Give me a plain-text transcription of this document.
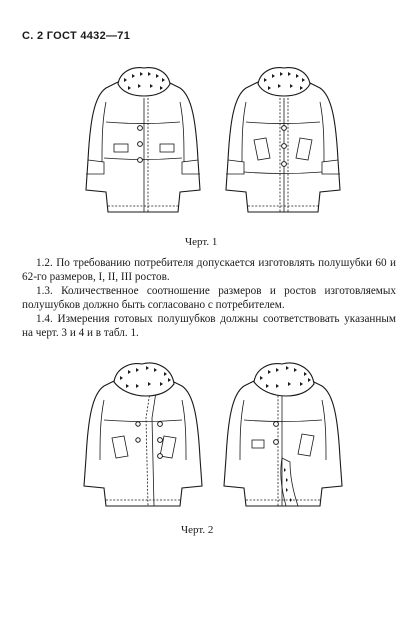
С. 2 ГОСТ 4432—71
Черт. 1

1.2. По требованию потребителя допускается изготовлять полушубки 60 и 62-го размеров, I, II, III ростов.

1.3. Количественное соотношение размеров и ростов изготовляемых полушубков должно быть согласовано с потребителем.

1.4. Измерения готовых полушубков должны соответствовать указанным на черт. 3 и 4 и в табл. 1.

Черт. 2
